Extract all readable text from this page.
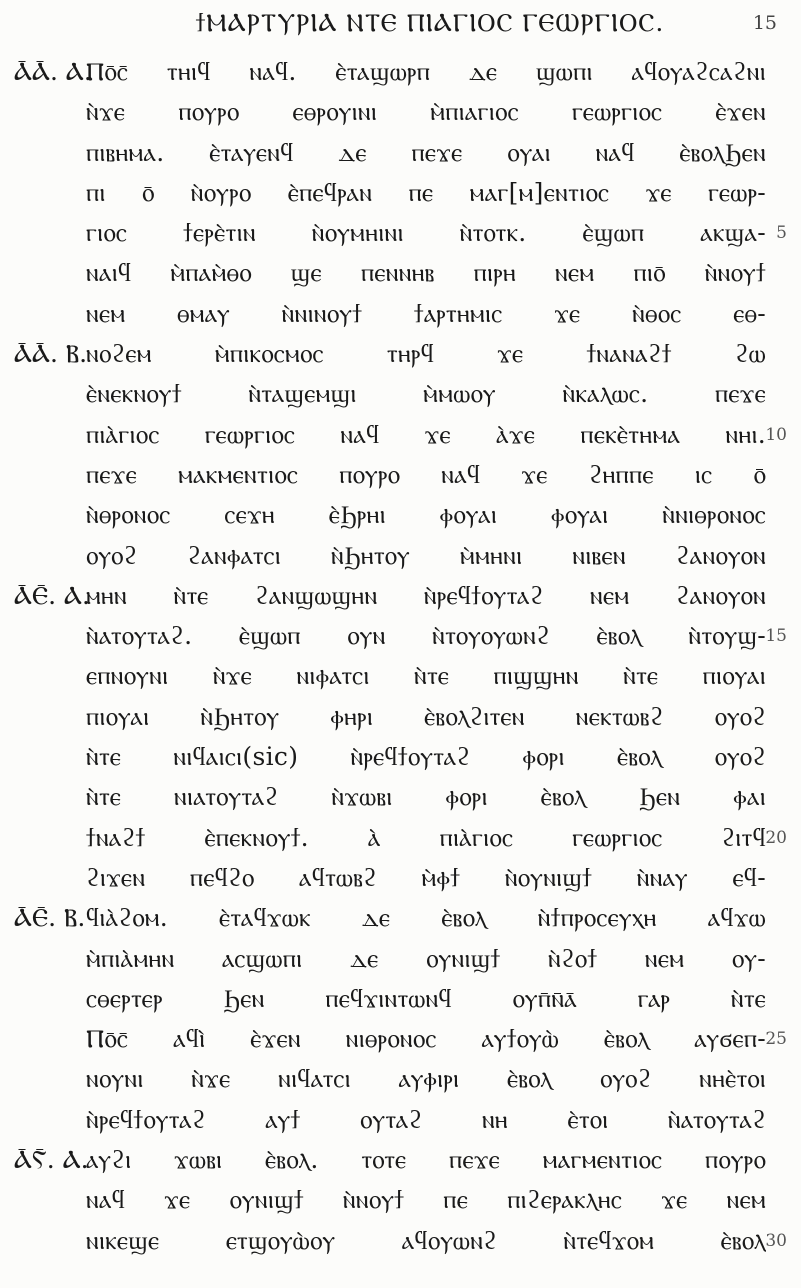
ϯⲘⲀⲢⲦⲨⲢⲒⲀ ⲚⲦⲈ ⲠⲒⲀⲄⲒⲞⲤ ⲄⲈⲰⲢⲄⲒⲞⲤ.	15
Ⲁ̄Ⲁ̄. Ⲁ.
Ⲡⲟ̄ⲥ̄ ⲧⲏⲓϥ ⲛⲁϥ. ⲉ̀ⲧⲁϣⲱⲣⲡ ⲇⲉ ϣⲱⲡⲓ ⲁϥⲟⲩⲁϩⲥⲁϩⲛⲓ
ⲛ̀ϫⲉ ⲡⲟⲩⲣⲟ ⲉⲑⲣⲟⲩⲓⲛⲓ ⲙ̀ⲡⲓⲁⲅⲓⲟⲥ ⲅⲉⲱⲣⲅⲓⲟⲥ ⲉ̀ϫⲉⲛ
ⲡⲓⲃⲏⲙⲁ. ⲉ̀ⲧⲁⲩⲉⲛϥ ⲇⲉ ⲡⲉϫⲉ ⲟⲩⲁⲓ ⲛⲁϥ ⲉ̀ⲃⲟⲗϦⲉⲛ
ⲡⲓ ⲟ̄ ⲛ̀ⲟⲩⲣⲟ ⲉ̀ⲡⲉϥⲣⲁⲛ ⲡⲉ ⲙⲁⲅ[ⲙ]ⲉⲛⲧⲓⲟⲥ ϫⲉ ⲅⲉⲱⲣ-
ⲅⲓⲟⲥ ϯⲉⲣⲉ̀ⲧⲓⲛ ⲛ̀ⲟⲩⲙⲏⲓⲛⲓ ⲛ̀ⲧⲟⲧⲕ. ⲉ̀ϣⲱⲡ ⲁⲕϣⲁ- 5
ⲛⲁⲓϥ ⲙ̀ⲡⲁⲙ̀ⲑⲟ ϣⲉ ⲡⲉⲛⲛⲏⲃ ⲡⲓⲣⲏ ⲛⲉⲙ ⲡⲓⲟ̄ ⲛ̀ⲛⲟⲩϯ
ⲛⲉⲙ ⲑⲙⲁⲩ ⲛ̀ⲛⲓⲛⲟⲩϯ ϯⲁⲣⲧⲏⲙⲓⲥ ϫⲉ ⲛ̀ⲑⲟⲥ ⲉⲑ-
Ⲁ̄Ⲁ̄. Ⲃ.
ⲛⲟϩⲉⲙ ⲙ̀ⲡⲓⲕⲟⲥⲙⲟⲥ ⲧⲏⲣϥ ϫⲉ ϯⲛⲁⲛⲁϩϯ ϩⲱ
ⲉ̀ⲛⲉⲕⲛⲟⲩϯ ⲛ̀ⲧⲁϣⲉⲙϣⲓ ⲙ̀ⲙⲱⲟⲩ ⲛ̀ⲕⲁⲗⲱⲥ. ⲡⲉϫⲉ
ⲡⲓⲁ̀ⲅⲓⲟⲥ ⲅⲉⲱⲣⲅⲓⲟⲥ ⲛⲁϥ ϫⲉ ⲁ̀ϫⲉ ⲡⲉⲕⲉ̀ⲧⲏⲙⲁ ⲛⲏⲓ. 10
ⲡⲉϫⲉ ⲙⲁⲕⲙⲉⲛⲧⲓⲟⲥ ⲡⲟⲩⲣⲟ ⲛⲁϥ ϫⲉ ϩⲏⲡⲡⲉ ⲓⲥ ⲟ̄
ⲛ̀ⲑⲣⲟⲛⲟⲥ ⲥⲉϫⲏ ⲉ̀Ϧⲣⲏⲓ ⲫⲟⲩⲁⲓ ⲫⲟⲩⲁⲓ ⲛ̀ⲛⲓⲑⲣⲟⲛⲟⲥ
ⲟⲩⲟϩ ϩⲁⲛⲫⲁⲧⲥⲓ ⲛ̀Ϧⲏⲧⲟⲩ ⲙ̀ⲙⲏⲛⲓ ⲛⲓⲃⲉⲛ ϩⲁⲛⲟⲩⲟⲛ
Ⲁ̄Ⲉ̄. Ⲁ.
ⲙⲏⲛ ⲛ̀ⲧⲉ ϩⲁⲛϣⲱϣⲏⲛ ⲛ̀ⲣⲉϥϯⲟⲩⲧⲁϩ ⲛⲉⲙ ϩⲁⲛⲟⲩⲟⲛ
ⲛ̀ⲁⲧⲟⲩⲧⲁϩ. ⲉ̀ϣⲱⲡ ⲟⲩⲛ ⲛ̀ⲧⲟⲩⲟⲩⲱⲛϩ ⲉ̀ⲃⲟⲗ ⲛ̀ⲧⲟⲩϣ- 15
ⲉⲡⲛⲟⲩⲛⲓ ⲛ̀ϫⲉ ⲛⲓⲫⲁⲧⲥⲓ ⲛ̀ⲧⲉ ⲡⲓϣϣⲏⲛ ⲛ̀ⲧⲉ ⲡⲓⲟⲩⲁⲓ
ⲡⲓⲟⲩⲁⲓ ⲛ̀Ϧⲏⲧⲟⲩ ⲫⲏⲣⲓ ⲉ̀ⲃⲟⲗϩⲓⲧⲉⲛ ⲛⲉⲕⲧⲱⲃϩ ⲟⲩⲟϩ
ⲛ̀ⲧⲉ ⲛⲓϥⲁⲓⲥⲓ(sic) ⲛ̀ⲣⲉϥϯⲟⲩⲧⲁϩ ⲫⲟⲣⲓ ⲉ̀ⲃⲟⲗ ⲟⲩⲟϩ
ⲛ̀ⲧⲉ ⲛⲓⲁⲧⲟⲩⲧⲁϩ ⲛ̀ϫⲱⲃⲓ ⲫⲟⲣⲓ ⲉ̀ⲃⲟⲗ Ϧⲉⲛ ⲫⲁⲓ
ϯⲛⲁϩϯ ⲉ̀ⲡⲉⲕⲛⲟⲩϯ. ⲁ̀ ⲡⲓⲁ̀ⲅⲓⲟⲥ ⲅⲉⲱⲣⲅⲓⲟⲥ ϩⲓⲧϥ 20
ϩⲓϫⲉⲛ ⲡⲉϥϩⲟ ⲁϥⲧⲱⲃϩ ⲙ̀ⲫϯ ⲛ̀ⲟⲩⲛⲓϣϯ ⲛ̀ⲛⲁⲩ ⲉϥ-
Ⲁ̄Ⲉ̄. Ⲃ. ϥⲓⲁ̀ϩⲟⲙ. ⲉ̀ⲧⲁϥϫⲱⲕ ⲇⲉ ⲉ̀ⲃⲟⲗ ⲛ̀ϯⲡⲣⲟⲥⲉⲩⲭⲏ ⲁϥϫⲱ
ⲙ̀ⲡⲓⲁ̀ⲙⲏⲛ ⲁⲥϣⲱⲡⲓ ⲇⲉ ⲟⲩⲛⲓϣϯ ⲛ̀ϩⲟϯ ⲛⲉⲙ ⲟⲩ-
ⲥⲑⲉⲣⲧⲉⲣ Ϧⲉⲛ ⲡⲉϥϫⲓⲛⲧⲱⲛϥ ⲟⲩⲡ̄ⲛ̄ⲁ̄ ⲅⲁⲣ ⲛ̀ⲧⲉ
Ⲡⲟ̄ⲥ̄ ⲁϥⲓ̀ ⲉ̀ϫⲉⲛ ⲛⲓⲑⲣⲟⲛⲟⲥ ⲁⲩϯⲟⲩⲱ̀ ⲉ̀ⲃⲟⲗ ⲁⲩϭⲉⲡ- 25
ⲛⲟⲩⲛⲓ ⲛ̀ϫⲉ ⲛⲓϥⲁⲧⲥⲓ ⲁⲩⲫⲓⲣⲓ ⲉ̀ⲃⲟⲗ ⲟⲩⲟϩ ⲛⲏⲉ̀ⲧⲟⲓ
ⲛ̀ⲣⲉϥϯⲟⲩⲧⲁϩ ⲁⲩϯ ⲟⲩⲧⲁϩ ⲛⲏ ⲉ̀ⲧⲟⲓ ⲛ̀ⲁⲧⲟⲩⲧⲁϩ
Ⲁ̄Ⲋ̄. Ⲁ.
ⲁⲩϩⲓ ϫⲱⲃⲓ ⲉ̀ⲃⲟⲗ. ⲧⲟⲧⲉ ⲡⲉϫⲉ ⲙⲁⲅⲙⲉⲛⲧⲓⲟⲥ ⲡⲟⲩⲣⲟ
ⲛⲁϥ ϫⲉ ⲟⲩⲛⲓϣϯ ⲛ̀ⲛⲟⲩϯ ⲡⲉ ⲡⲓϩⲉⲣⲁⲕⲗⲏⲥ ϫⲉ ⲛⲉⲙ
ⲛⲓⲕⲉϣⲉ ⲉⲧϣⲟⲩⲱ̀ⲟⲩ ⲁϥⲟⲩⲱⲛϩ ⲛ̀ⲧⲉϥϫⲟⲙ ⲉ̀ⲃⲟⲗ 30
